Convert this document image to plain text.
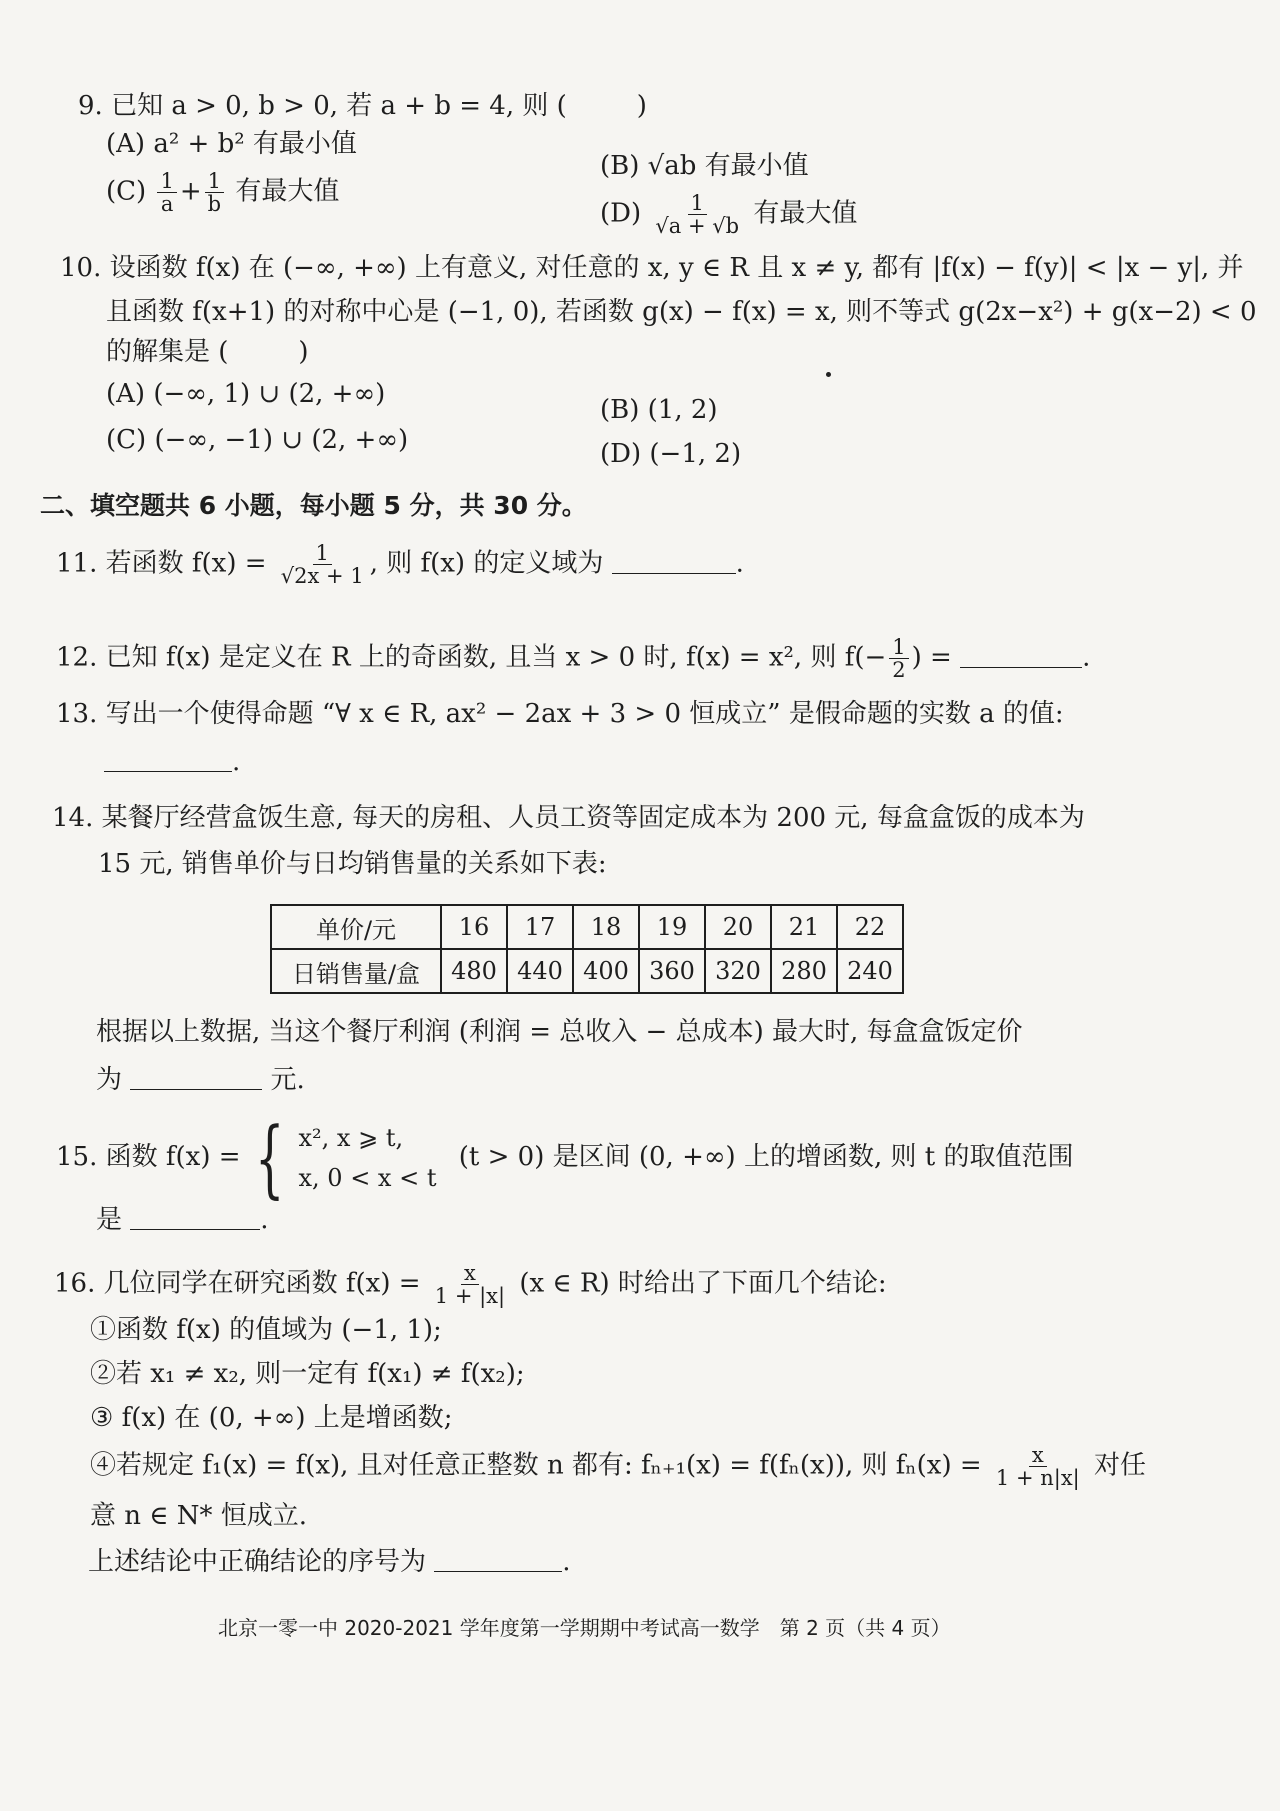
9. 已知 a > 0, b > 0, 若 a + b = 4, 则 (	)
(A) a² + b² 有最小值
$(C) \frac{1}{a} + \frac{1}{b}$ 有最大值
(B) √ab 有最小值
$(D) \frac{1}{√a + √b}$ 有最大值
10. 设函数 f(x) 在 (−∞, +∞) 上有意义, 对任意的 x, y ∈ R 且 x ≠ y, 都有 |f(x) − f(y)| < |x − y|, 并
且函数 f(x+1) 的对称中心是 (−1, 0), 若函数 g(x) − f(x) = x, 则不等式 g(2x−x²) + g(x−2) < 0
的解集是 (	)
(A) (−∞, 1) ∪ (2, +∞)
(C) (−∞, −1) ∪ (2, +∞)
(B) (1, 2)
(D) (−1, 2)
二、填空题共 6 小题，每小题 5 分，共 30 分。
11. 若函数 $f(x) = \frac{1}{√2x + 1}$ , 则 f(x) 的定义域为	.
12. 已知 f(x) 是定义在 R 上的奇函数, 且当 x > 0 时, f(x) = x², 则 $f(- \frac{1}{2}$ ) =	.
13. 写出一个使得命题 “∀ x ∈ R, ax² − 2ax + 3 > 0 恒成立” 是假命题的实数 a 的值:
.
14. 某餐厅经营盒饭生意, 每天的房租、人员工资等固定成本为 200 元, 每盒盒饭的成本为
15 元, 销售单价与日均销售量的关系如下表:
单价/元	16	17	18	19	20	21	22
日销售量/盒	480	440	400	360	320	280	240
根据以上数据, 当这个餐厅利润 (利润 = 总收入 − 总成本) 最大时, 每盒盒饭定价
为	元.
15. 函数 f(x) = { x², x ⩾ t,
x, 0 < x < t
(t > 0) 是区间 (0, +∞) 上的增函数, 则 t 的取值范围
是	.
16. 几位同学在研究函数 $f(x) = \frac{x}{1 + |x|} (x$ ∈ R) 时给出了下面几个结论:
①函数 f(x) 的值域为 (−1, 1);
②若 x₁ ≠ x₂, 则一定有 f(x₁) ≠ f(x₂);
③ f(x) 在 (0, +∞) 上是增函数;
④若规定 f₁(x) = f(x), 且对任意正整数 n 都有: fₙ₊₁(x) = f(fₙ(x)), 则 $f_n(x) = \frac{x}{1 + n|x|}$ 对任
意 n ∈ N* 恒成立.
上述结论中正确结论的序号为	.
北京一零一中 2020-2021 学年度第一学期期中考试高一数学　第 2 页（共 4 页）
